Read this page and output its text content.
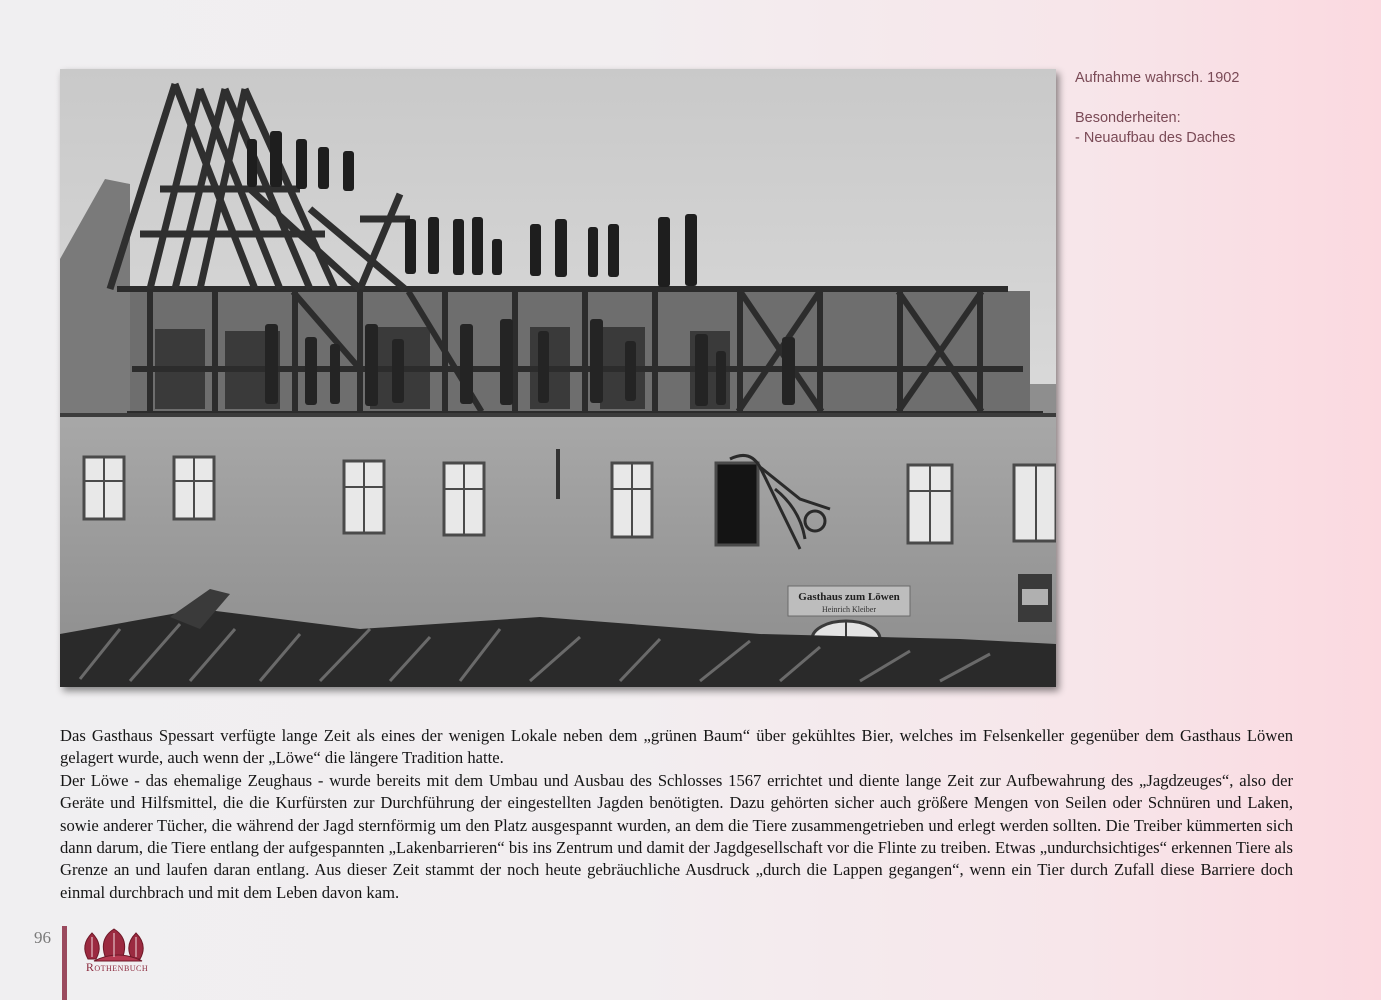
Gasthaus zum Löwen
Heinrich Kleiber
Aufnahme wahrsch. 1902
Besonderheiten:
- Neuaufbau des Daches

Das Gasthaus Spessart verfügte lange Zeit als eines der wenigen Lokale neben dem „grünen Baum“ über gekühltes Bier, welches im Felsenkeller gegenüber dem Gasthaus Löwen gelagert wurde, auch wenn der „Löwe“ die längere Tradition hatte.

Der Löwe - das ehemalige Zeughaus - wurde bereits mit dem Umbau und Ausbau des Schlosses 1567 errichtet und diente lange Zeit zur Aufbewahrung des „Jagdzeuges“, also der Geräte und Hilfsmittel, die die Kurfürsten zur Durchführung der eingestellten Jagden benötigten. Dazu gehörten sicher auch größere Mengen von Seilen oder Schnüren und Laken, sowie anderer Tücher, die während der Jagd sternförmig um den Platz ausgespannt wurden, an dem die Tiere zusammengetrieben und erlegt werden sollten. Die Treiber kümmerten sich dann darum, die Tiere entlang der aufgespannten „Lakenbarrieren“ bis ins Zentrum und damit der Jagdgesellschaft vor die Flinte zu treiben. Etwas „undurchsichtiges“ erkennen Tiere als Grenze an und laufen daran entlang. Aus dieser Zeit stammt der noch heute gebräuchliche Ausdruck „durch die Lappen gegangen“, wenn ein Tier durch Zufall diese Barriere doch einmal durchbrach und mit dem Leben davon kam.

96
Rothenbuch
